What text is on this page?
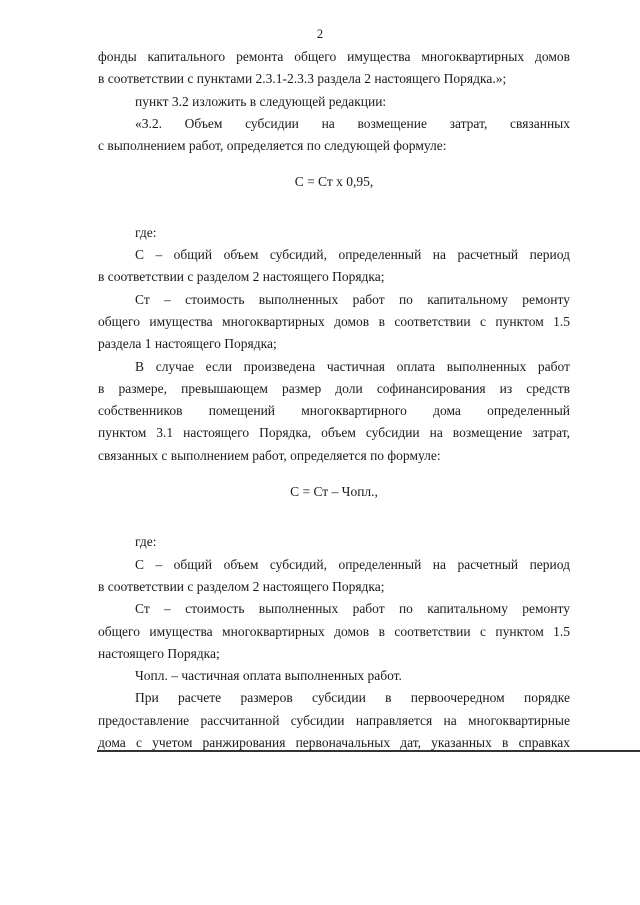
2
фонды капитального ремонта общего имущества многоквартирных домов
в соответствии с пунктами 2.3.1-2.3.3 раздела 2 настоящего Порядка.»;
пункт 3.2 изложить в следующей редакции:
«3.2. Объем субсидии на возмещение затрат, связанных
с выполнением работ, определяется по следующей формуле:
С = Ст х 0,95,
где:
С – общий объем субсидий, определенный на расчетный период
в соответствии с разделом 2 настоящего Порядка;
Ст – стоимость выполненных работ по капитальному ремонту
общего имущества многоквартирных домов в соответствии с пунктом 1.5
раздела 1 настоящего Порядка;
В случае если произведена частичная оплата выполненных работ
в размере, превышающем размер доли софинансирования из средств
собственников помещений многоквартирного дома определенный
пунктом 3.1 настоящего Порядка, объем субсидии на возмещение затрат,
связанных с выполнением работ, определяется по формуле:
С = Ст – Чопл.,
где:
С – общий объем субсидий, определенный на расчетный период
в соответствии с разделом 2 настоящего Порядка;
Ст – стоимость выполненных работ по капитальному ремонту
общего имущества многоквартирных домов в соответствии с пунктом 1.5
настоящего Порядка;
Чопл. – частичная оплата выполненных работ.
При расчете размеров субсидии в первоочередном порядке
предоставление рассчитанной субсидии направляется на многоквартирные
дома с учетом ранжирования первоначальных дат, указанных в справках
